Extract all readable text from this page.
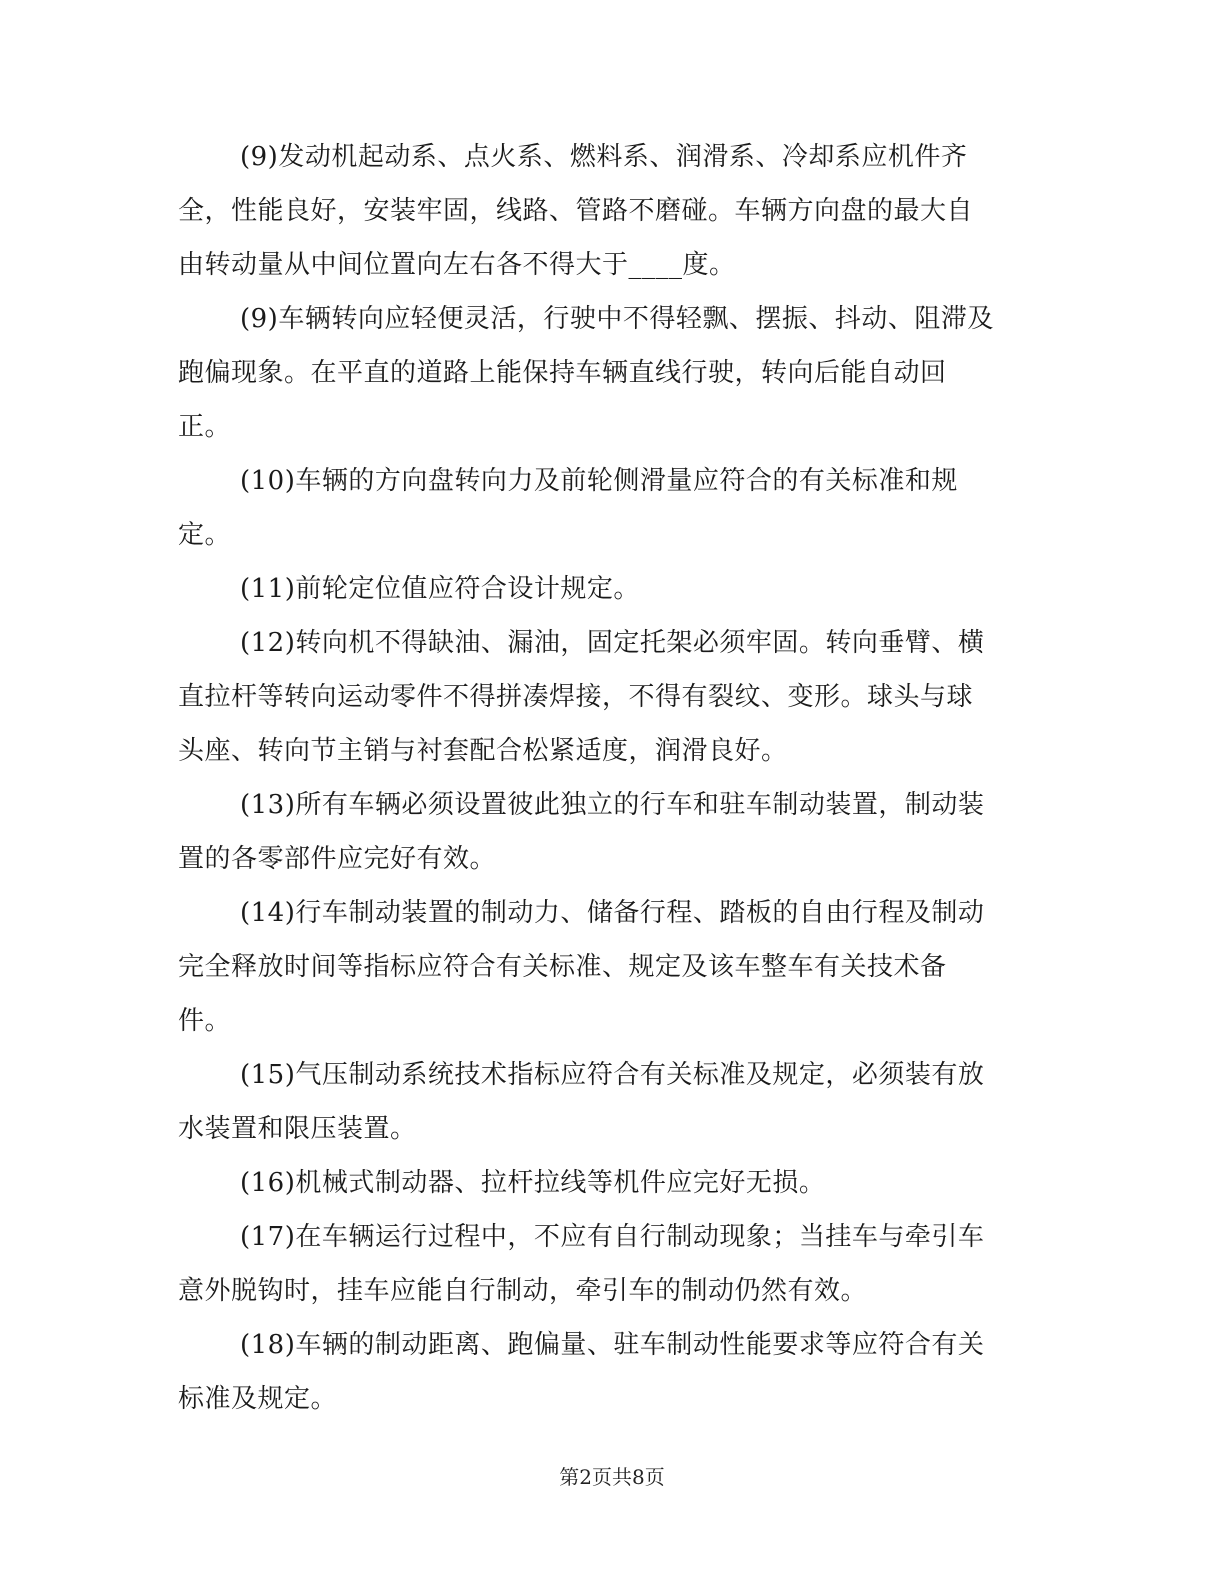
(9)发动机起动系、点火系、燃料系、润滑系、冷却系应机件齐
全，性能良好，安装牢固，线路、管路不磨碰。车辆方向盘的最大自
由转动量从中间位置向左右各不得大于____度。
(9)车辆转向应轻便灵活，行驶中不得轻飘、摆振、抖动、阻滞及
跑偏现象。在平直的道路上能保持车辆直线行驶，转向后能自动回
正。
(10)车辆的方向盘转向力及前轮侧滑量应符合的有关标准和规
定。
(11)前轮定位值应符合设计规定。
(12)转向机不得缺油、漏油，固定托架必须牢固。转向垂臂、横
直拉杆等转向运动零件不得拼凑焊接，不得有裂纹、变形。球头与球
头座、转向节主销与衬套配合松紧适度，润滑良好。
(13)所有车辆必须设置彼此独立的行车和驻车制动装置，制动装
置的各零部件应完好有效。
(14)行车制动装置的制动力、储备行程、踏板的自由行程及制动
完全释放时间等指标应符合有关标准、规定及该车整车有关技术备
件。
(15)气压制动系统技术指标应符合有关标准及规定，必须装有放
水装置和限压装置。
(16)机械式制动器、拉杆拉线等机件应完好无损。
(17)在车辆运行过程中，不应有自行制动现象；当挂车与牵引车
意外脱钩时，挂车应能自行制动，牵引车的制动仍然有效。
(18)车辆的制动距离、跑偏量、驻车制动性能要求等应符合有关
标准及规定。
第2页共8页
